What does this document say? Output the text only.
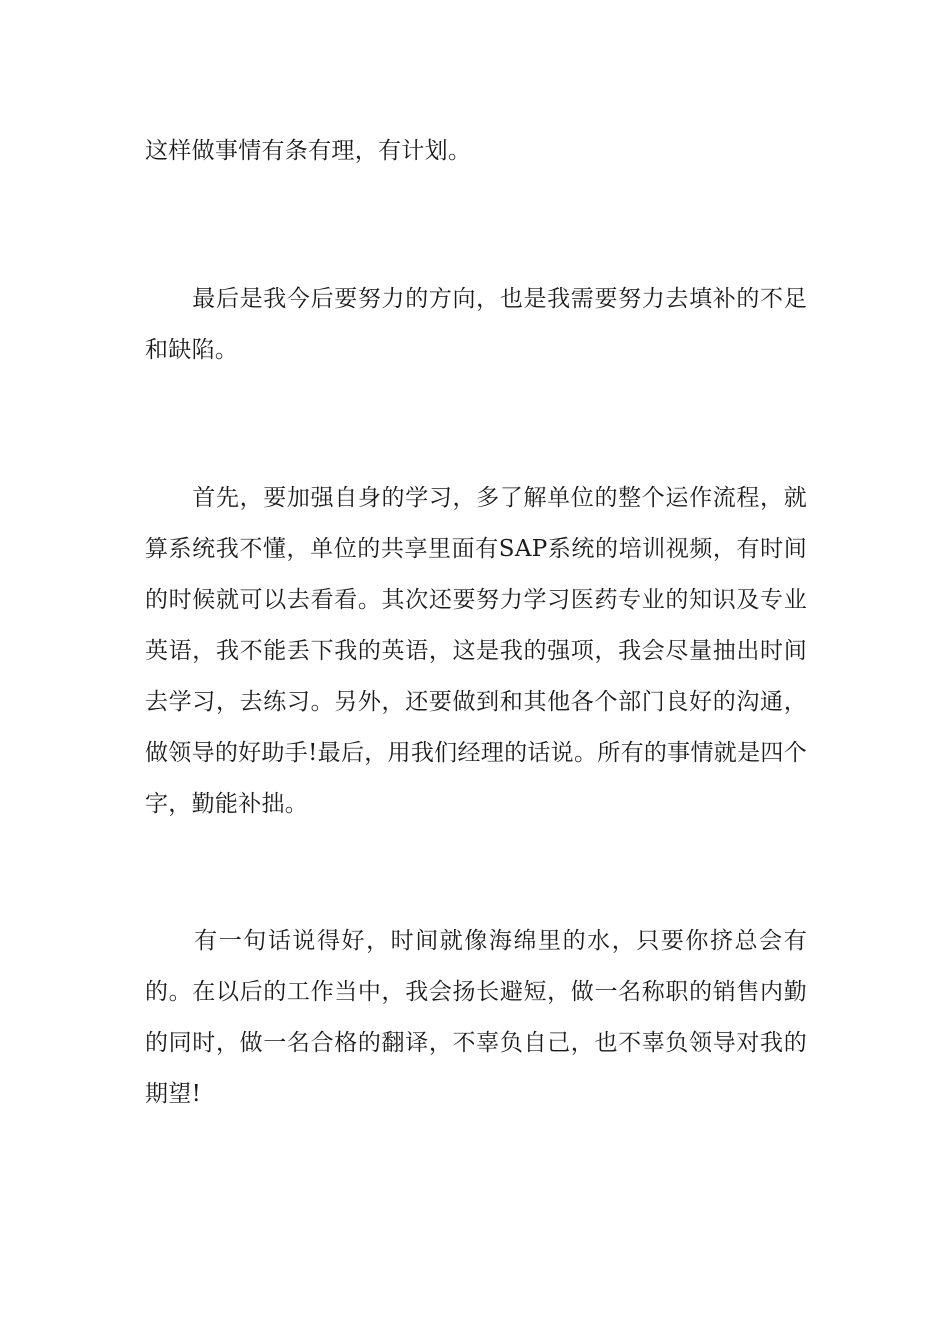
这样做事情有条有理，有计划。

　　最后是我今后要努力的方向，也是我需要努力去填补的不足和缺陷。

　　首先，要加强自身的学习，多了解单位的整个运作流程，就算系统我不懂，单位的共享里面有SAP系统的培训视频，有时间的时候就可以去看看。其次还要努力学习医药专业的知识及专业英语，我不能丢下我的英语，这是我的强项，我会尽量抽出时间去学习，去练习。另外，还要做到和其他各个部门良好的沟通，做领导的好助手!最后，用我们经理的话说。所有的事情就是四个字，勤能补拙。

　　有一句话说得好，时间就像海绵里的水，只要你挤总会有的。在以后的工作当中，我会扬长避短，做一名称职的销售内勤的同时，做一名合格的翻译，不辜负自己，也不辜负领导对我的期望!
